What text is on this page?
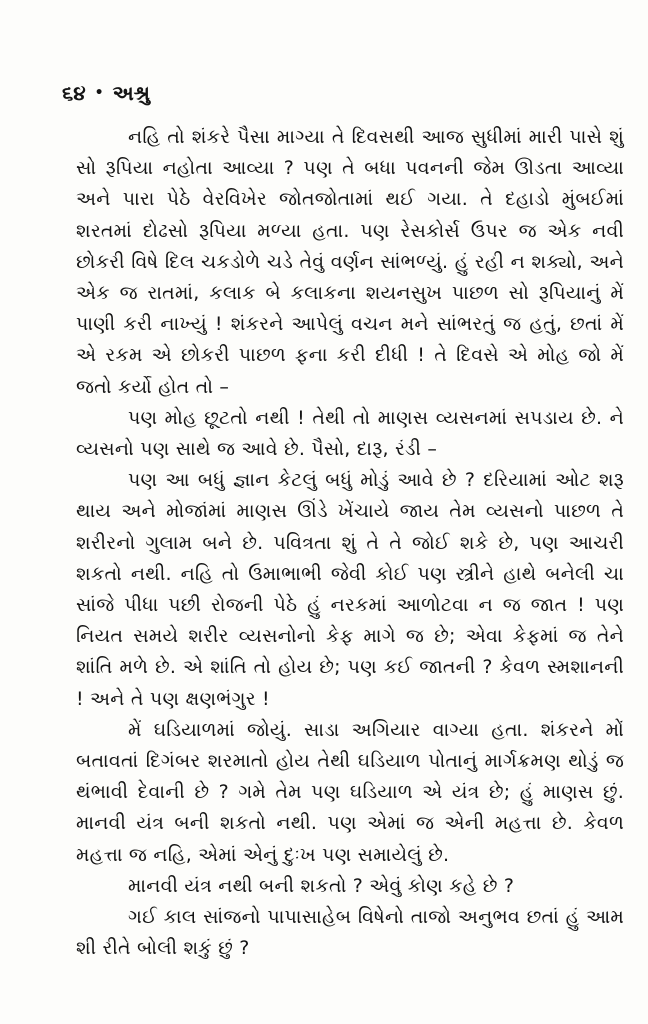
૬૪ • અશ્રુ

નહિ તો શંકરે પૈસા માગ્યા તે દિવસથી આજ સુધીમાં મારી પાસે શું સો રૂપિયા નહોતા આવ્યા ? પણ તે બધા પવનની જેમ ઊડતા આવ્યા અને પારા પેઠે વેરવિખેર જોતજોતામાં થઈ ગયા. તે દહાડો મુંબઈમાં શરતમાં દોઢસો રૂપિયા મળ્યા હતા. પણ રેસકોર્સ ઉપર જ એક નવી છોકરી વિષે દિલ ચકડોળે ચડે તેવું વર્ણન સાંભળ્યું. હું રહી ન શક્યો, અને એક જ રાતમાં, કલાક બે કલાકના શયનસુખ પાછળ સો રૂપિયાનું મેં પાણી કરી નાખ્યું ! શંકરને આપેલું વચન મને સાંભરતું જ હતું, છતાં મેં એ રકમ એ છોકરી પાછળ ફના કરી દીધી ! તે દિવસે એ મોહ જો મેં જતો કર્યો હોત તો –

પણ મોહ છૂટતો નથી ! તેથી તો માણસ વ્યસનમાં સપડાય છે. ને વ્યસનો પણ સાથે જ આવે છે. પૈસો, દારૂ, રંડી –

પણ આ બધું જ્ઞાન કેટલું બધું મોડું આવે છે ? દરિયામાં ઓટ શરૂ થાય અને મોજાંમાં માણસ ઊંડે ખેંચાયે જાય તેમ વ્યસનો પાછળ તે શરીરનો ગુલામ બને છે. પવિત્રતા શું તે તે જોઈ શકે છે, પણ આચરી શકતો નથી. નહિ તો ઉમાભાભી જેવી કોઈ પણ સ્ત્રીને હાથે બનેલી ચા સાંજે પીધા પછી રોજની પેઠે હું નરકમાં આળોટવા ન જ જાત ! પણ નિયત સમયે શરીર વ્યસનોનો કેફ માગે જ છે; એવા કેફમાં જ તેને શાંતિ મળે છે. એ શાંતિ તો હોય છે; પણ કઈ જાતની ? કેવળ સ્મશાનની ! અને તે પણ ક્ષણભંગુર !

મેં ઘડિયાળમાં જોયું. સાડા અગિયાર વાગ્યા હતા. શંકરને મોં બતાવતાં દિગંબર શરમાતો હોય તેથી ઘડિયાળ પોતાનું માર્ગક્રમણ થોડું જ થંભાવી દેવાની છે ? ગમે તેમ પણ ઘડિયાળ એ યંત્ર છે; હું માણસ છું. માનવી યંત્ર બની શકતો નથી. પણ એમાં જ એની મહત્તા છે. કેવળ મહત્તા જ નહિ, એમાં એનું દુઃખ પણ સમાયેલું છે.

માનવી યંત્ર નથી બની શકતો ? એવું કોણ કહે છે ?

ગઈ કાલ સાંજનો પાપાસાહેબ વિષેનો તાજો અનુભવ છતાં હું આમ શી રીતે બોલી શકું છું ?
